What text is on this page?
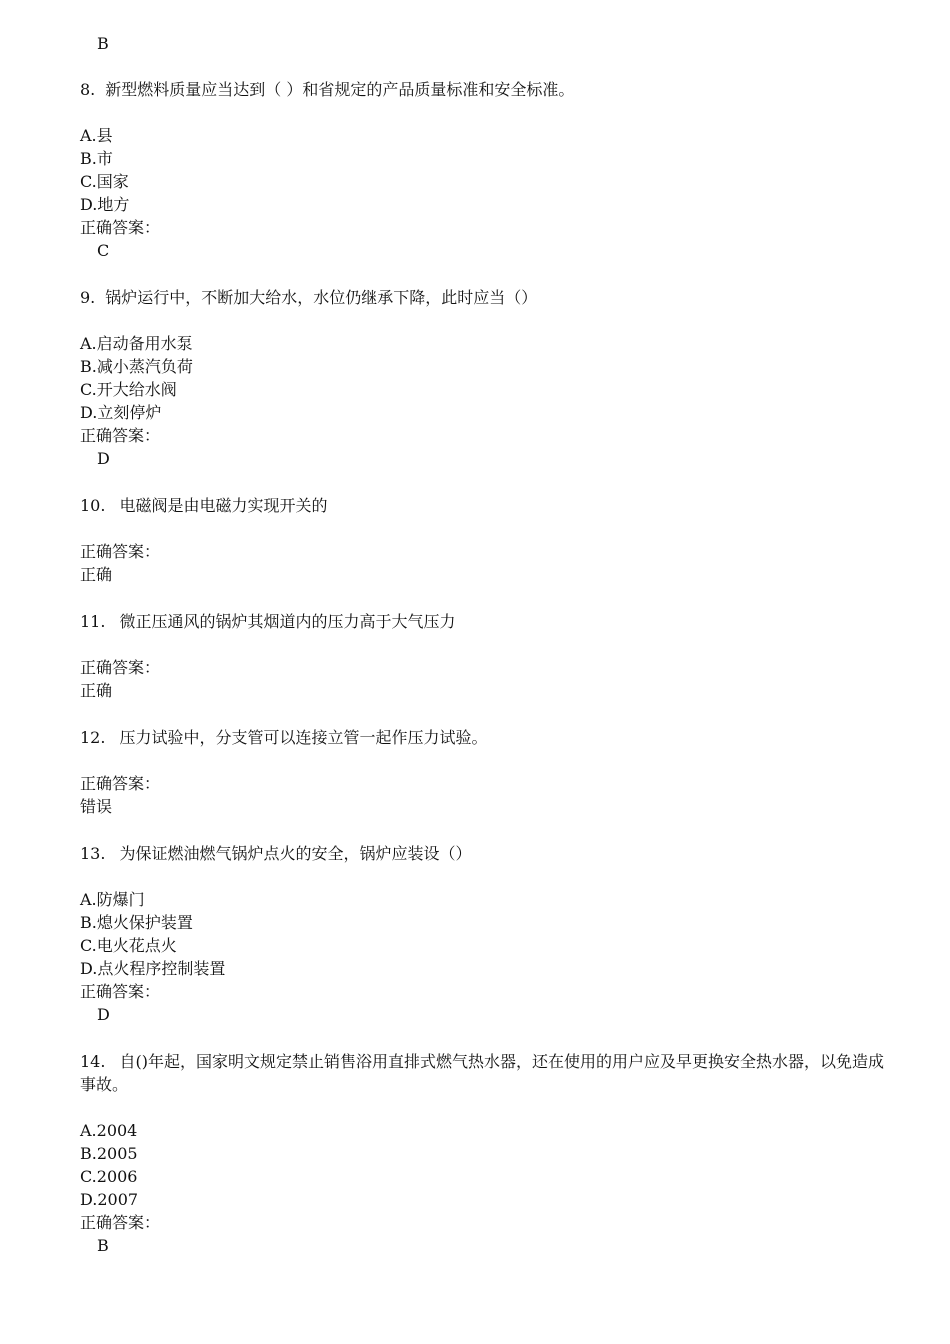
B
8. 新型燃料质量应当达到（ ）和省规定的产品质量标准和安全标准。
A.县
B.市
C.国家
D.地方
正确答案：
C
9. 锅炉运行中，不断加大给水，水位仍继承下降，此时应当（）
A.启动备用水泵
B.减小蒸汽负荷
C.开大给水阀
D.立刻停炉
正确答案：
D
10. 电磁阀是由电磁力实现开关的
正确答案：
正确
11. 微正压通风的锅炉其烟道内的压力高于大气压力
正确答案：
正确
12. 压力试验中，分支管可以连接立管一起作压力试验。
正确答案：
错误
13. 为保证燃油燃气锅炉点火的安全，锅炉应装设（）
A.防爆门
B.熄火保护装置
C.电火花点火
D.点火程序控制装置
正确答案：
D
14. 自()年起，国家明文规定禁止销售浴用直排式燃气热水器，还在使用的用户应及早更换安全热水器，以免造成事故。
A.2004
B.2005
C.2006
D.2007
正确答案：
B
